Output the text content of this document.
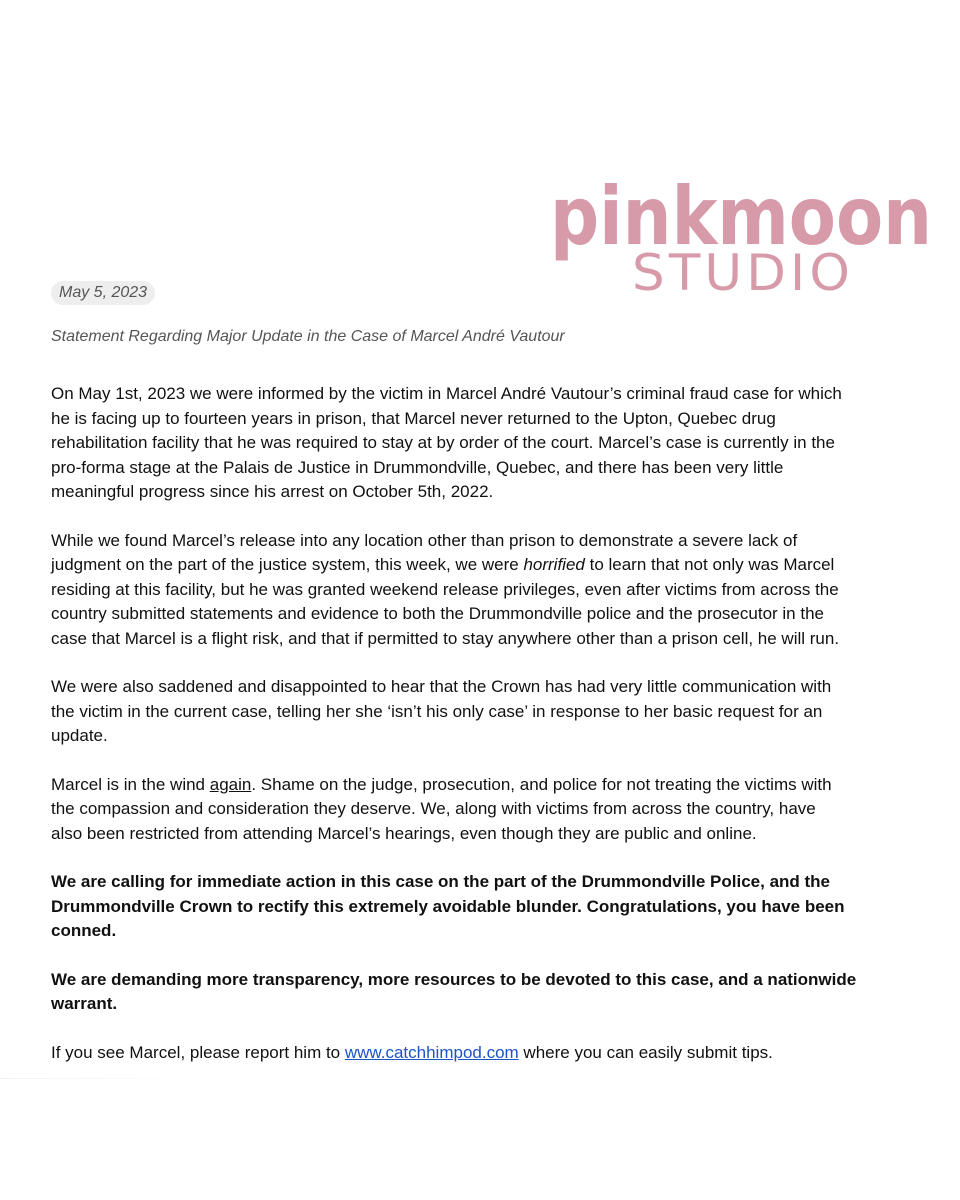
pinkmoon
STUDIO
May 5, 2023
Statement Regarding Major Update in the Case of Marcel André Vautour

On May 1st, 2023 we were informed by the victim in Marcel André Vautour’s criminal fraud case for which
he is facing up to fourteen years in prison, that Marcel never returned to the Upton, Quebec drug
rehabilitation facility that he was required to stay at by order of the court. Marcel’s case is currently in the
pro-forma stage at the Palais de Justice in Drummondville, Quebec, and there has been very little
meaningful progress since his arrest on October 5th, 2022.

While we found Marcel’s release into any location other than prison to demonstrate a severe lack of
judgment on the part of the justice system, this week, we were horrified to learn that not only was Marcel
residing at this facility, but he was granted weekend release privileges, even after victims from across the
country submitted statements and evidence to both the Drummondville police and the prosecutor in the
case that Marcel is a flight risk, and that if permitted to stay anywhere other than a prison cell, he will run.

We were also saddened and disappointed to hear that the Crown has had very little communication with
the victim in the current case, telling her she ‘isn’t his only case’ in response to her basic request for an
update.

Marcel is in the wind again. Shame on the judge, prosecution, and police for not treating the victims with
the compassion and consideration they deserve. We, along with victims from across the country, have
also been restricted from attending Marcel’s hearings, even though they are public and online.

We are calling for immediate action in this case on the part of the Drummondville Police, and the
Drummondville Crown to rectify this extremely avoidable blunder. Congratulations, you have been
conned.

We are demanding more transparency, more resources to be devoted to this case, and a nationwide
warrant.

If you see Marcel, please report him to www.catchhimpod.com where you can easily submit tips.
